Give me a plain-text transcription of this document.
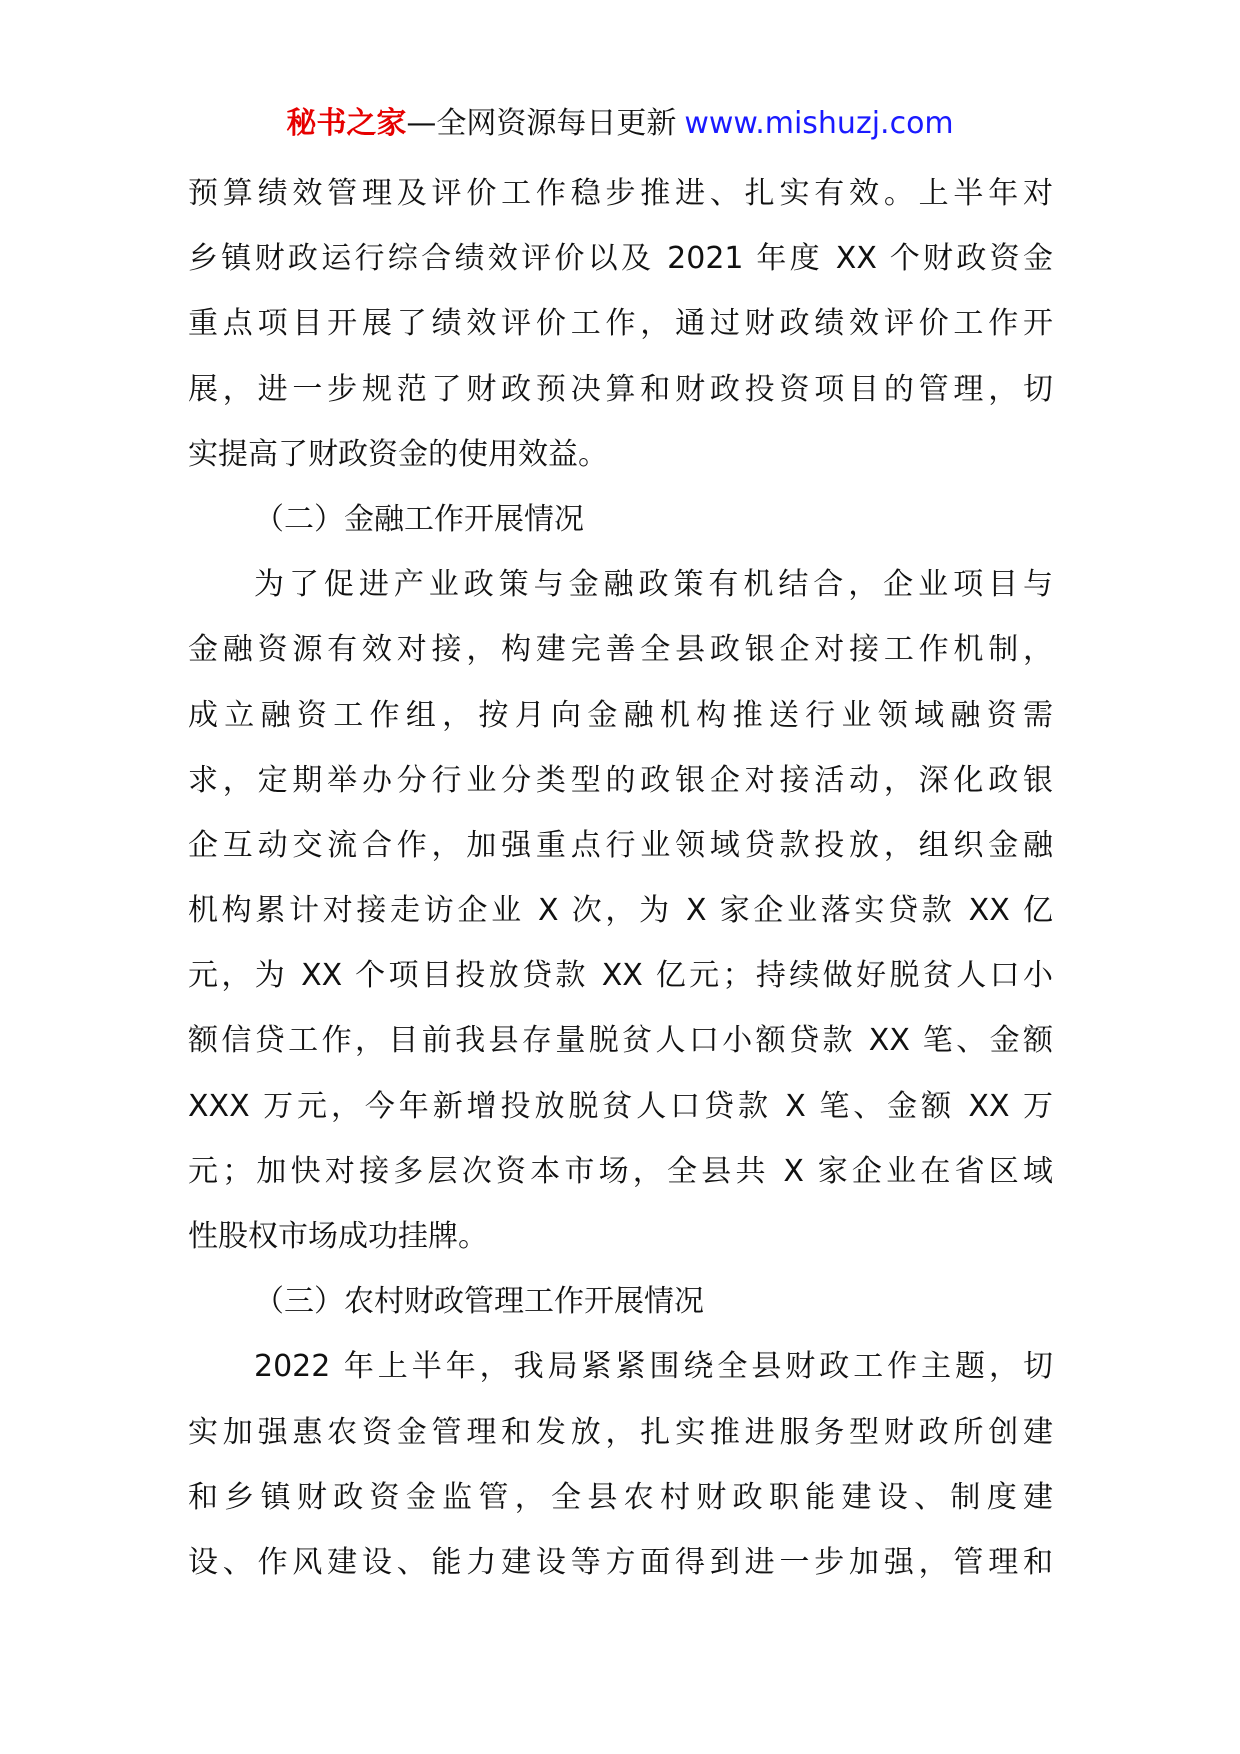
秘书之家—全网资源每日更新 www.mishuzj.com
预算绩效管理及评价工作稳步推进、扎实有效。上半年对
乡镇财政运行综合绩效评价以及 2021 年度 XX 个财政资金
重点项目开展了绩效评价工作，通过财政绩效评价工作开
展，进一步规范了财政预决算和财政投资项目的管理，切
实提高了财政资金的使用效益。
（二）金融工作开展情况
为了促进产业政策与金融政策有机结合，企业项目与
金融资源有效对接，构建完善全县政银企对接工作机制，
成立融资工作组，按月向金融机构推送行业领域融资需
求，定期举办分行业分类型的政银企对接活动，深化政银
企互动交流合作，加强重点行业领域贷款投放，组织金融
机构累计对接走访企业 X 次，为 X 家企业落实贷款 XX 亿
元，为 XX 个项目投放贷款 XX 亿元；持续做好脱贫人口小
额信贷工作，目前我县存量脱贫人口小额贷款 XX 笔、金额
XXX 万元，今年新增投放脱贫人口贷款 X 笔、金额 XX 万
元；加快对接多层次资本市场，全县共 X 家企业在省区域
性股权市场成功挂牌。
（三）农村财政管理工作开展情况
2022 年上半年，我局紧紧围绕全县财政工作主题，切
实加强惠农资金管理和发放，扎实推进服务型财政所创建
和乡镇财政资金监管，全县农村财政职能建设、制度建
设、作风建设、能力建设等方面得到进一步加强，管理和
